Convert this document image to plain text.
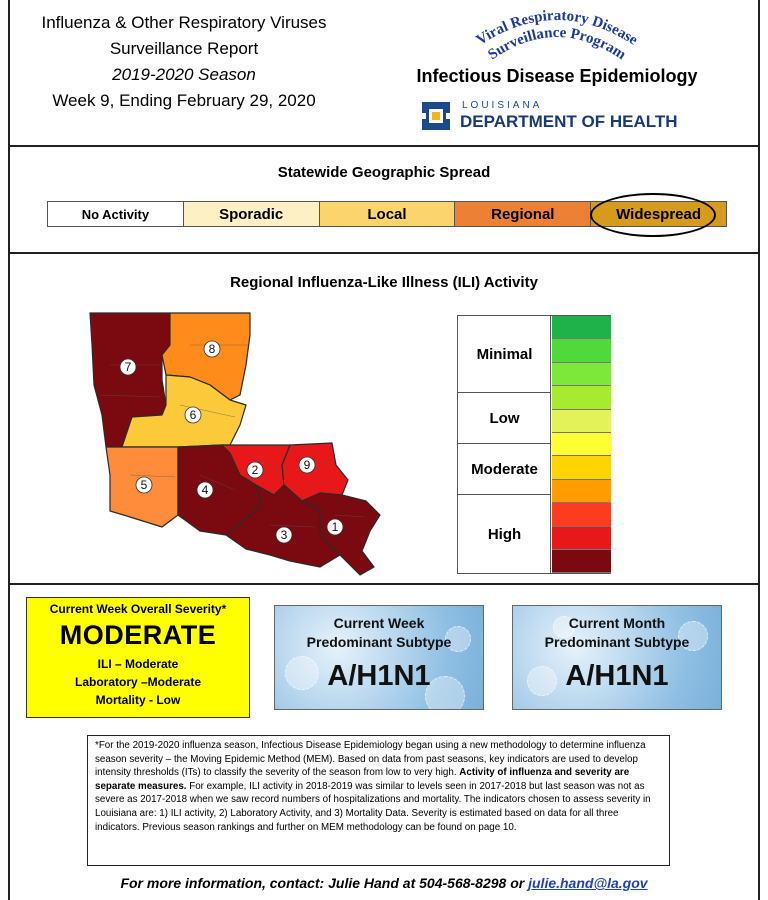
Influenza & Other Respiratory Viruses
Surveillance Report
2019-2020 Season
Week 9, Ending February 29, 2020
Viral Respiratory Disease
Surveillance Program
Infectious Disease Epidemiology
LOUISIANA
DEPARTMENT OF HEALTH
Statewide Geographic Spread
No Activity	Sporadic	Local	Regional	Widespread
Regional Influenza-Like Illness (ILI) Activity
7
8
6
5	4
2	9
3
1
Minimal
Low
Moderate
High
Current Week Overall Severity*
MODERATE
ILI – Moderate
Laboratory –Moderate
Mortality - Low
Current Week
Predominant Subtype
A/H1N1
Current Month
Predominant Subtype
A/H1N1
*For the 2019-2020 influenza season, Infectious Disease Epidemiology began using a new methodology to determine influenza season severity – the Moving Epidemic Method (MEM). Based on data from past seasons, key indicators are used to develop intensity thresholds (ITs) to classify the severity of the season from low to very high. Activity of influenza and severity are separate measures. For example, ILI activity in 2018-2019 was similar to levels seen in 2017-2018 but last season was not as severe as 2017-2018 when we saw record numbers of hospitalizations and mortality. The indicators chosen to assess severity in Louisiana are: 1) ILI activity, 2) Laboratory Activity, and 3) Mortality Data. Severity is estimated based on data for all three indicators. Previous season rankings and further on MEM methodology can be found on page 10.
For more information, contact: Julie Hand at 504-568-8298 or julie.hand@la.gov
